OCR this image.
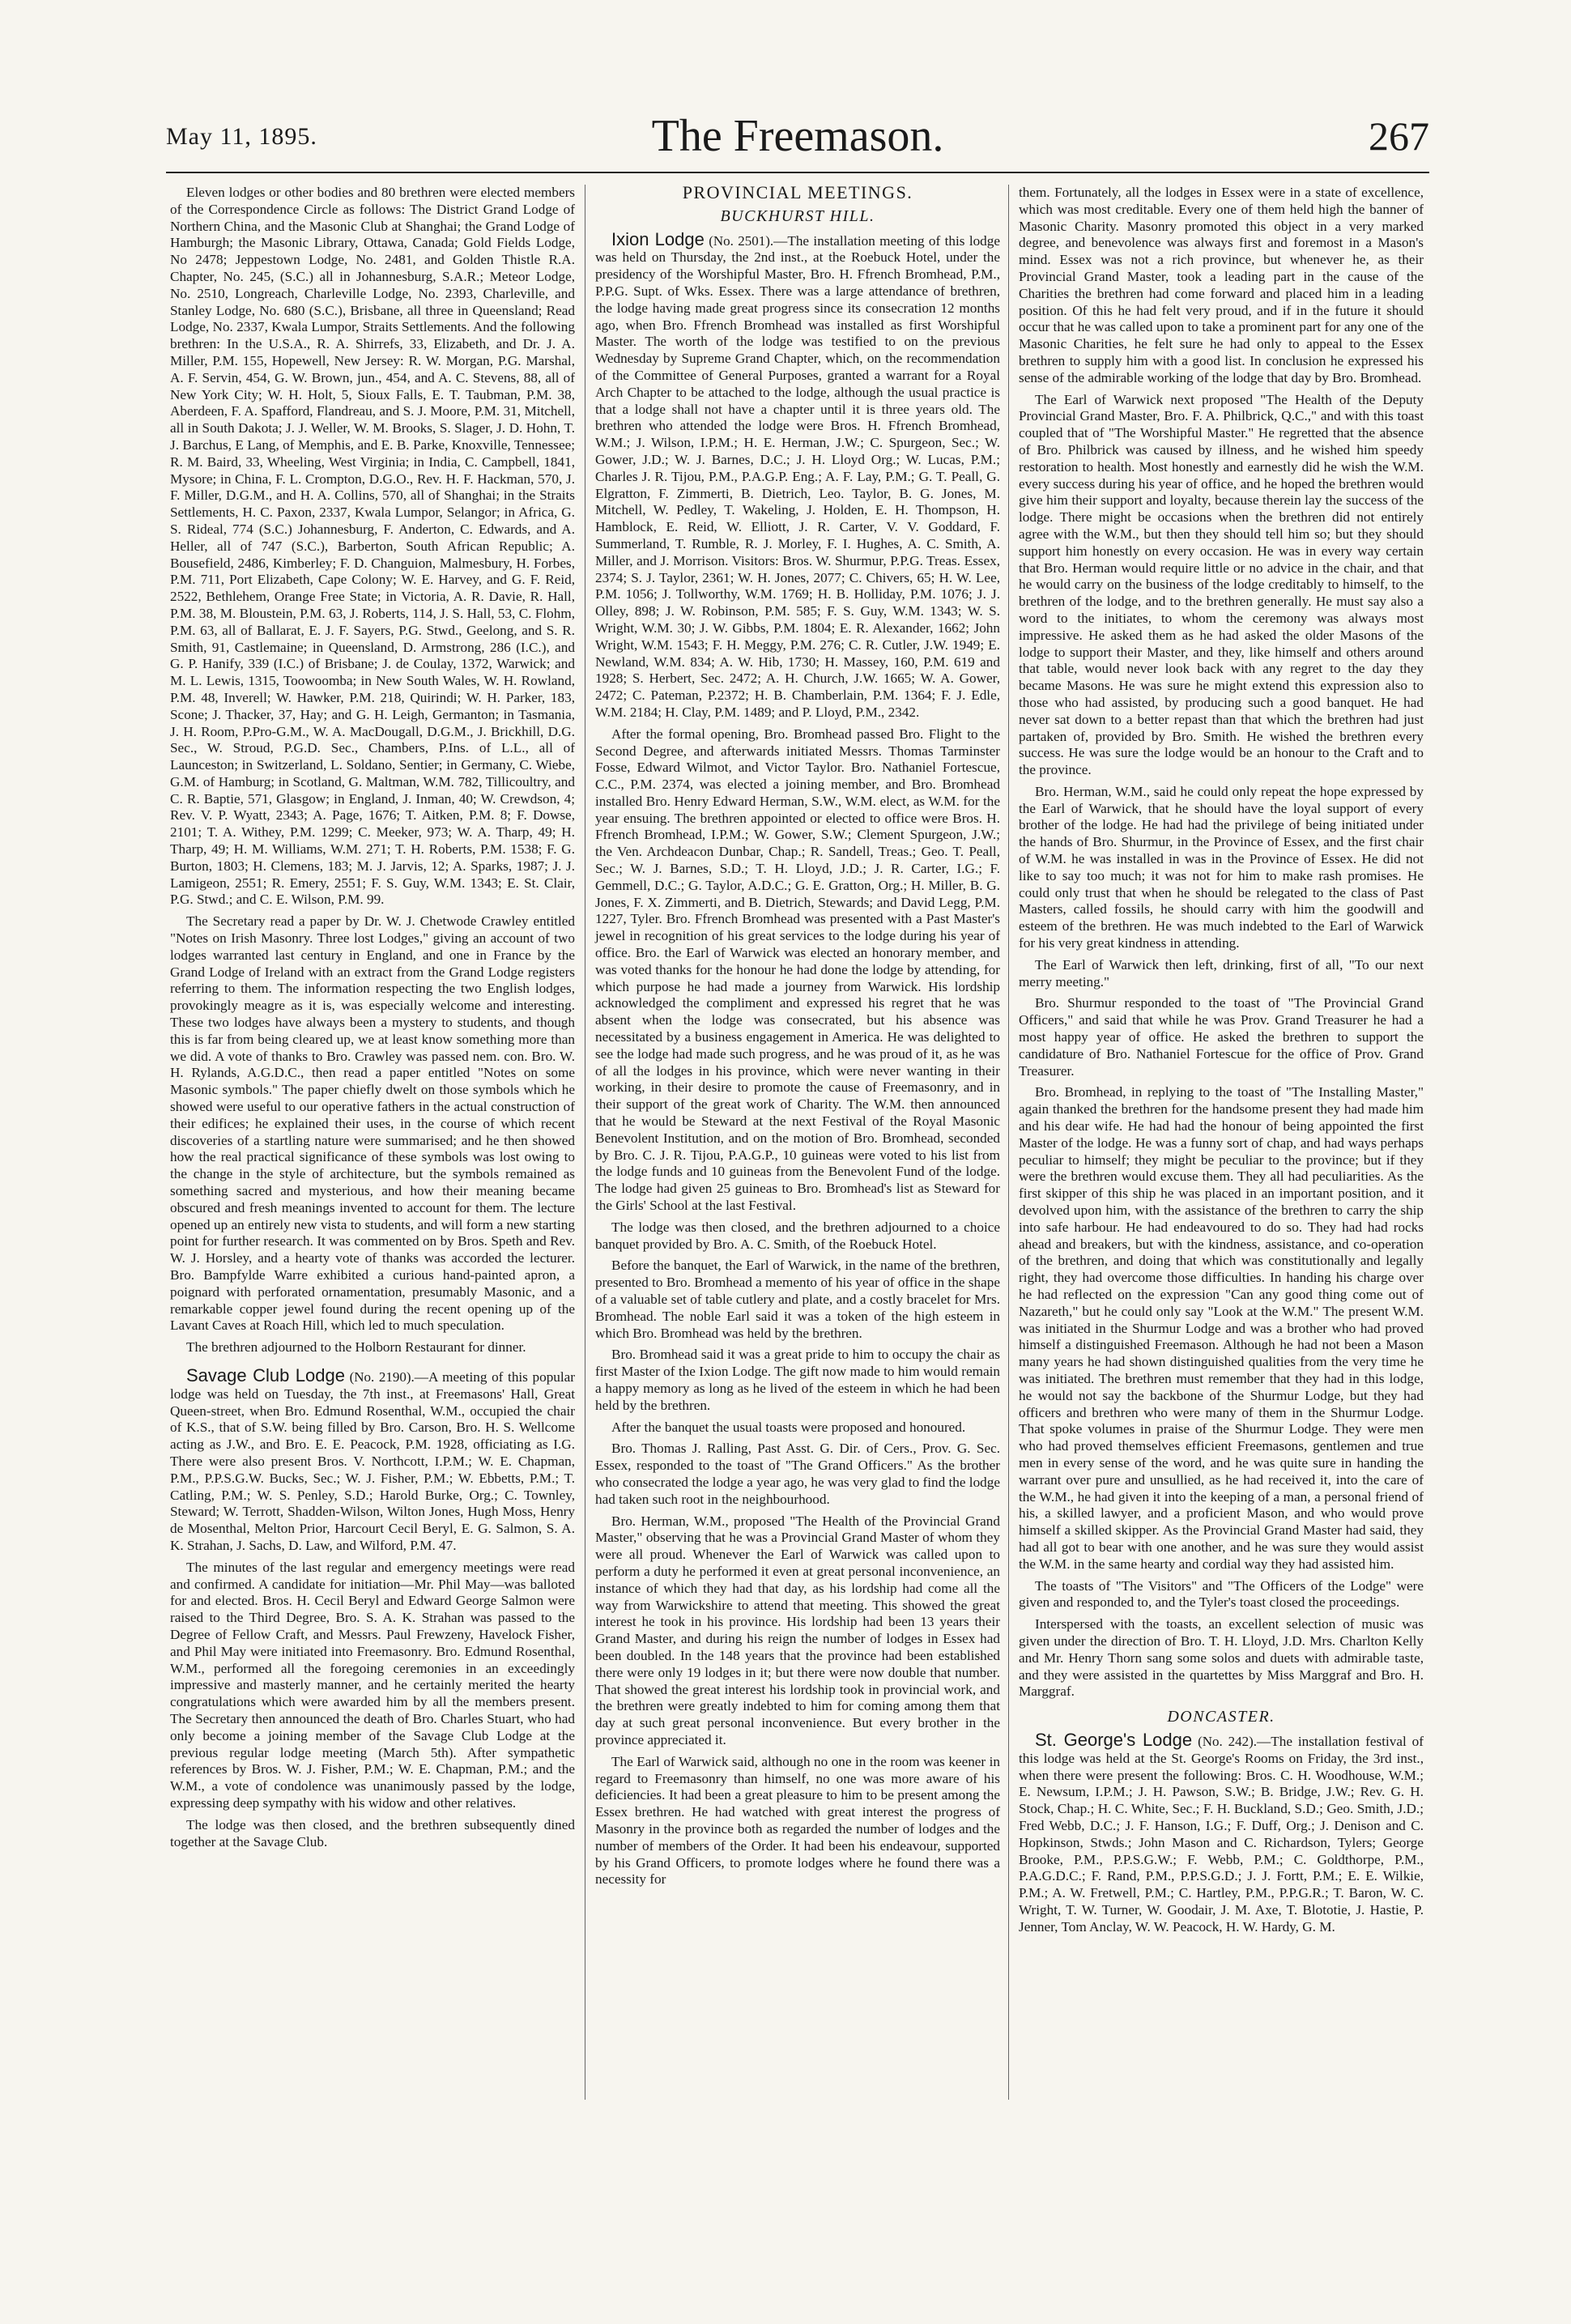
May 11, 1895.	The Freemason.	267

Eleven lodges or other bodies and 80 brethren were elected members of the Correspondence Circle as follows: The District Grand Lodge of Northern China, and the Masonic Club at Shanghai; the Grand Lodge of Hamburgh; the Masonic Library, Ottawa, Canada; Gold Fields Lodge, No 2478; Jeppestown Lodge, No. 2481, and Golden Thistle R.A. Chapter, No. 245, (S.C.) all in Johannesburg, S.A.R.; Meteor Lodge, No. 2510, Longreach, Charleville Lodge, No. 2393, Charleville, and Stanley Lodge, No. 680 (S.C.), Brisbane, all three in Queensland; Read Lodge, No. 2337, Kwala Lumpor, Straits Settlements. And the following brethren: In the U.S.A., R. A. Shirrefs, 33, Elizabeth, and Dr. J. A. Miller, P.M. 155, Hopewell, New Jersey: R. W. Morgan, P.G. Marshal, A. F. Servin, 454, G. W. Brown, jun., 454, and A. C. Stevens, 88, all of New York City; W. H. Holt, 5, Sioux Falls, E. T. Taubman, P.M. 38, Aberdeen, F. A. Spafford, Flandreau, and S. J. Moore, P.M. 31, Mitchell, all in South Dakota; J. J. Weller, W. M. Brooks, S. Slager, J. D. Hohn, T. J. Barchus, E Lang, of Memphis, and E. B. Parke, Knoxville, Tennessee; R. M. Baird, 33, Wheeling, West Virginia; in India, C. Campbell, 1841, Mysore; in China, F. L. Crompton, D.G.O., Rev. H. F. Hackman, 570, J. F. Miller, D.G.M., and H. A. Collins, 570, all of Shanghai; in the Straits Settlements, H. C. Paxon, 2337, Kwala Lumpor, Selangor; in Africa, G. S. Rideal, 774 (S.C.) Johannesburg, F. Anderton, C. Edwards, and A. Heller, all of 747 (S.C.), Barberton, South African Republic; A. Bousefield, 2486, Kimberley; F. D. Changuion, Malmesbury, H. Forbes, P.M. 711, Port Elizabeth, Cape Colony; W. E. Harvey, and G. F. Reid, 2522, Bethlehem, Orange Free State; in Victoria, A. R. Davie, R. Hall, P.M. 38, M. Bloustein, P.M. 63, J. Roberts, 114, J. S. Hall, 53, C. Flohm, P.M. 63, all of Ballarat, E. J. F. Sayers, P.G. Stwd., Geelong, and S. R. Smith, 91, Castlemaine; in Queensland, D. Armstrong, 286 (I.C.), and G. P. Hanify, 339 (I.C.) of Brisbane; J. de Coulay, 1372, Warwick; and M. L. Lewis, 1315, Toowoomba; in New South Wales, W. H. Rowland, P.M. 48, Inverell; W. Hawker, P.M. 218, Quirindi; W. H. Parker, 183, Scone; J. Thacker, 37, Hay; and G. H. Leigh, Germanton; in Tasmania, J. H. Room, P.Pro-G.M., W. A. MacDougall, D.G.M., J. Brickhill, D.G. Sec., W. Stroud, P.G.D. Sec., Chambers, P.Ins. of L.L., all of Launceston; in Switzerland, L. Soldano, Sentier; in Germany, C. Wiebe, G.M. of Hamburg; in Scotland, G. Maltman, W.M. 782, Tillicoultry, and C. R. Baptie, 571, Glasgow; in England, J. Inman, 40; W. Crewdson, 4; Rev. V. P. Wyatt, 2343; A. Page, 1676; T. Aitken, P.M. 8; F. Dowse, 2101; T. A. Withey, P.M. 1299; C. Meeker, 973; W. A. Tharp, 49; H. Tharp, 49; H. M. Williams, W.M. 271; T. H. Roberts, P.M. 1538; F. G. Burton, 1803; H. Clemens, 183; M. J. Jarvis, 12; A. Sparks, 1987; J. J. Lamigeon, 2551; R. Emery, 2551; F. S. Guy, W.M. 1343; E. St. Clair, P.G. Stwd.; and C. E. Wilson, P.M. 99.

The Secretary read a paper by Dr. W. J. Chetwode Crawley entitled "Notes on Irish Masonry. Three lost Lodges," giving an account of two lodges warranted last century in England, and one in France by the Grand Lodge of Ireland with an extract from the Grand Lodge registers referring to them. The information respecting the two English lodges, provokingly meagre as it is, was especially welcome and interesting. These two lodges have always been a mystery to students, and though this is far from being cleared up, we at least know something more than we did. A vote of thanks to Bro. Crawley was passed nem. con. Bro. W. H. Rylands, A.G.D.C., then read a paper entitled "Notes on some Masonic symbols." The paper chiefly dwelt on those symbols which he showed were useful to our operative fathers in the actual construction of their edifices; he explained their uses, in the course of which recent discoveries of a startling nature were summarised; and he then showed how the real practical significance of these symbols was lost owing to the change in the style of architecture, but the symbols remained as something sacred and mysterious, and how their meaning became obscured and fresh meanings invented to account for them. The lecture opened up an entirely new vista to students, and will form a new starting point for further research. It was commented on by Bros. Speth and Rev. W. J. Horsley, and a hearty vote of thanks was accorded the lecturer. Bro. Bampfylde Warre exhibited a curious hand-painted apron, a poignard with perforated ornamentation, presumably Masonic, and a remarkable copper jewel found during the recent opening up of the Lavant Caves at Roach Hill, which led to much speculation.

The brethren adjourned to the Holborn Restaurant for dinner.

Savage Club Lodge (No. 2190).—A meeting of this popular lodge was held on Tuesday, the 7th inst., at Freemasons' Hall, Great Queen-street, when Bro. Edmund Rosenthal, W.M., occupied the chair of K.S., that of S.W. being filled by Bro. Carson, Bro. H. S. Wellcome acting as J.W., and Bro. E. E. Peacock, P.M. 1928, officiating as I.G. There were also present Bros. V. Northcott, I.P.M.; W. E. Chapman, P.M., P.P.S.G.W. Bucks, Sec.; W. J. Fisher, P.M.; W. Ebbetts, P.M.; T. Catling, P.M.; W. S. Penley, S.D.; Harold Burke, Org.; C. Townley, Steward; W. Terrott, Shadden-Wilson, Wilton Jones, Hugh Moss, Henry de Mosenthal, Melton Prior, Harcourt Cecil Beryl, E. G. Salmon, S. A. K. Strahan, J. Sachs, D. Law, and Wilford, P.M. 47.

The minutes of the last regular and emergency meetings were read and confirmed. A candidate for initiation—Mr. Phil May—was balloted for and elected. Bros. H. Cecil Beryl and Edward George Salmon were raised to the Third Degree, Bro. S. A. K. Strahan was passed to the Degree of Fellow Craft, and Messrs. Paul Frewzeny, Havelock Fisher, and Phil May were initiated into Freemasonry. Bro. Edmund Rosenthal, W.M., performed all the foregoing ceremonies in an exceedingly impressive and masterly manner, and he certainly merited the hearty congratulations which were awarded him by all the members present. The Secretary then announced the death of Bro. Charles Stuart, who had only become a joining member of the Savage Club Lodge at the previous regular lodge meeting (March 5th). After sympathetic references by Bros. W. J. Fisher, P.M.; W. E. Chapman, P.M.; and the W.M., a vote of condolence was unanimously passed by the lodge, expressing deep sympathy with his widow and other relatives.

The lodge was then closed, and the brethren subsequently dined together at the Savage Club.

PROVINCIAL MEETINGS.
BUCKHURST HILL.

Ixion Lodge (No. 2501).—The installation meeting of this lodge was held on Thursday, the 2nd inst., at the Roebuck Hotel, under the presidency of the Worshipful Master, Bro. H. Ffrench Bromhead, P.M., P.P.G. Supt. of Wks. Essex. There was a large attendance of brethren, the lodge having made great progress since its consecration 12 months ago, when Bro. Ffrench Bromhead was installed as first Worshipful Master. The worth of the lodge was testified to on the previous Wednesday by Supreme Grand Chapter, which, on the recommendation of the Committee of General Purposes, granted a warrant for a Royal Arch Chapter to be attached to the lodge, although the usual practice is that a lodge shall not have a chapter until it is three years old. The brethren who attended the lodge were Bros. H. Ffrench Bromhead, W.M.; J. Wilson, I.P.M.; H. E. Herman, J.W.; C. Spurgeon, Sec.; W. Gower, J.D.; W. J. Barnes, D.C.; J. H. Lloyd Org.; W. Lucas, P.M.; Charles J. R. Tijou, P.M., P.A.G.P. Eng.; A. F. Lay, P.M.; G. T. Peall, G. Elgratton, F. Zimmerti, B. Dietrich, Leo. Taylor, B. G. Jones, M. Mitchell, W. Pedley, T. Wakeling, J. Holden, E. H. Thompson, H. Hamblock, E. Reid, W. Elliott, J. R. Carter, V. V. Goddard, F. Summerland, T. Rumble, R. J. Morley, F. I. Hughes, A. C. Smith, A. Miller, and J. Morrison. Visitors: Bros. W. Shurmur, P.P.G. Treas. Essex, 2374; S. J. Taylor, 2361; W. H. Jones, 2077; C. Chivers, 65; H. W. Lee, P.M. 1056; J. Tollworthy, W.M. 1769; H. B. Holliday, P.M. 1076; J. J. Olley, 898; J. W. Robinson, P.M. 585; F. S. Guy, W.M. 1343; W. S. Wright, W.M. 30; J. W. Gibbs, P.M. 1804; E. R. Alexander, 1662; John Wright, W.M. 1543; F. H. Meggy, P.M. 276; C. R. Cutler, J.W. 1949; E. Newland, W.M. 834; A. W. Hib, 1730; H. Massey, 160, P.M. 619 and 1928; S. Herbert, Sec. 2472; A. H. Church, J.W. 1665; W. A. Gower, 2472; C. Pateman, P.2372; H. B. Chamberlain, P.M. 1364; F. J. Edle, W.M. 2184; H. Clay, P.M. 1489; and P. Lloyd, P.M., 2342.

After the formal opening, Bro. Bromhead passed Bro. Flight to the Second Degree, and afterwards initiated Messrs. Thomas Tarminster Fosse, Edward Wilmot, and Victor Taylor. Bro. Nathaniel Fortescue, C.C., P.M. 2374, was elected a joining member, and Bro. Bromhead installed Bro. Henry Edward Herman, S.W., W.M. elect, as W.M. for the year ensuing. The brethren appointed or elected to office were Bros. H. Ffrench Bromhead, I.P.M.; W. Gower, S.W.; Clement Spurgeon, J.W.; the Ven. Archdeacon Dunbar, Chap.; R. Sandell, Treas.; Geo. T. Peall, Sec.; W. J. Barnes, S.D.; T. H. Lloyd, J.D.; J. R. Carter, I.G.; F. Gemmell, D.C.; G. Taylor, A.D.C.; G. E. Gratton, Org.; H. Miller, B. G. Jones, F. X. Zimmerti, and B. Dietrich, Stewards; and David Legg, P.M. 1227, Tyler. Bro. Ffrench Bromhead was presented with a Past Master's jewel in recognition of his great services to the lodge during his year of office. Bro. the Earl of Warwick was elected an honorary member, and was voted thanks for the honour he had done the lodge by attending, for which purpose he had made a journey from Warwick. His lordship acknowledged the compliment and expressed his regret that he was absent when the lodge was consecrated, but his absence was necessitated by a business engagement in America. He was delighted to see the lodge had made such progress, and he was proud of it, as he was of all the lodges in his province, which were never wanting in their working, in their desire to promote the cause of Freemasonry, and in their support of the great work of Charity. The W.M. then announced that he would be Steward at the next Festival of the Royal Masonic Benevolent Institution, and on the motion of Bro. Bromhead, seconded by Bro. C. J. R. Tijou, P.A.G.P., 10 guineas were voted to his list from the lodge funds and 10 guineas from the Benevolent Fund of the lodge. The lodge had given 25 guineas to Bro. Bromhead's list as Steward for the Girls' School at the last Festival.

The lodge was then closed, and the brethren adjourned to a choice banquet provided by Bro. A. C. Smith, of the Roebuck Hotel.

Before the banquet, the Earl of Warwick, in the name of the brethren, presented to Bro. Bromhead a memento of his year of office in the shape of a valuable set of table cutlery and plate, and a costly bracelet for Mrs. Bromhead. The noble Earl said it was a token of the high esteem in which Bro. Bromhead was held by the brethren.

Bro. Bromhead said it was a great pride to him to occupy the chair as first Master of the Ixion Lodge. The gift now made to him would remain a happy memory as long as he lived of the esteem in which he had been held by the brethren.

After the banquet the usual toasts were proposed and honoured.

Bro. Thomas J. Ralling, Past Asst. G. Dir. of Cers., Prov. G. Sec. Essex, responded to the toast of "The Grand Officers." As the brother who consecrated the lodge a year ago, he was very glad to find the lodge had taken such root in the neighbourhood.

Bro. Herman, W.M., proposed "The Health of the Provincial Grand Master," observing that he was a Provincial Grand Master of whom they were all proud. Whenever the Earl of Warwick was called upon to perform a duty he performed it even at great personal inconvenience, an instance of which they had that day, as his lordship had come all the way from Warwickshire to attend that meeting. This showed the great interest he took in his province. His lordship had been 13 years their Grand Master, and during his reign the number of lodges in Essex had been doubled. In the 148 years that the province had been established there were only 19 lodges in it; but there were now double that number. That showed the great interest his lordship took in provincial work, and the brethren were greatly indebted to him for coming among them that day at such great personal inconvenience. But every brother in the province appreciated it.

The Earl of Warwick said, although no one in the room was keener in regard to Freemasonry than himself, no one was more aware of his deficiencies. It had been a great pleasure to him to be present among the Essex brethren. He had watched with great interest the progress of Masonry in the province both as regarded the number of lodges and the number of members of the Order. It had been his endeavour, supported by his Grand Officers, to promote lodges where he found there was a necessity for

them. Fortunately, all the lodges in Essex were in a state of excellence, which was most creditable. Every one of them held high the banner of Masonic Charity. Masonry promoted this object in a very marked degree, and benevolence was always first and foremost in a Mason's mind. Essex was not a rich province, but whenever he, as their Provincial Grand Master, took a leading part in the cause of the Charities the brethren had come forward and placed him in a leading position. Of this he had felt very proud, and if in the future it should occur that he was called upon to take a prominent part for any one of the Masonic Charities, he felt sure he had only to appeal to the Essex brethren to supply him with a good list. In conclusion he expressed his sense of the admirable working of the lodge that day by Bro. Bromhead.

The Earl of Warwick next proposed "The Health of the Deputy Provincial Grand Master, Bro. F. A. Philbrick, Q.C.," and with this toast coupled that of "The Worshipful Master." He regretted that the absence of Bro. Philbrick was caused by illness, and he wished him speedy restoration to health. Most honestly and earnestly did he wish the W.M. every success during his year of office, and he hoped the brethren would give him their support and loyalty, because therein lay the success of the lodge. There might be occasions when the brethren did not entirely agree with the W.M., but then they should tell him so; but they should support him honestly on every occasion. He was in every way certain that Bro. Herman would require little or no advice in the chair, and that he would carry on the business of the lodge creditably to himself, to the brethren of the lodge, and to the brethren generally. He must say also a word to the initiates, to whom the ceremony was always most impressive. He asked them as he had asked the older Masons of the lodge to support their Master, and they, like himself and others around that table, would never look back with any regret to the day they became Masons. He was sure he might extend this expression also to those who had assisted, by producing such a good banquet. He had never sat down to a better repast than that which the brethren had just partaken of, provided by Bro. Smith. He wished the brethren every success. He was sure the lodge would be an honour to the Craft and to the province.

Bro. Herman, W.M., said he could only repeat the hope expressed by the Earl of Warwick, that he should have the loyal support of every brother of the lodge. He had had the privilege of being initiated under the hands of Bro. Shurmur, in the Province of Essex, and the first chair of W.M. he was installed in was in the Province of Essex. He did not like to say too much; it was not for him to make rash promises. He could only trust that when he should be relegated to the class of Past Masters, called fossils, he should carry with him the goodwill and esteem of the brethren. He was much indebted to the Earl of Warwick for his very great kindness in attending.

The Earl of Warwick then left, drinking, first of all, "To our next merry meeting."

Bro. Shurmur responded to the toast of "The Provincial Grand Officers," and said that while he was Prov. Grand Treasurer he had a most happy year of office. He asked the brethren to support the candidature of Bro. Nathaniel Fortescue for the office of Prov. Grand Treasurer.

Bro. Bromhead, in replying to the toast of "The Installing Master," again thanked the brethren for the handsome present they had made him and his dear wife. He had had the honour of being appointed the first Master of the lodge. He was a funny sort of chap, and had ways perhaps peculiar to himself; they might be peculiar to the province; but if they were the brethren would excuse them. They all had peculiarities. As the first skipper of this ship he was placed in an important position, and it devolved upon him, with the assistance of the brethren to carry the ship into safe harbour. He had endeavoured to do so. They had had rocks ahead and breakers, but with the kindness, assistance, and co-operation of the brethren, and doing that which was constitutionally and legally right, they had overcome those difficulties. In handing his charge over he had reflected on the expression "Can any good thing come out of Nazareth," but he could only say "Look at the W.M." The present W.M. was initiated in the Shurmur Lodge and was a brother who had proved himself a distinguished Freemason. Although he had not been a Mason many years he had shown distinguished qualities from the very time he was initiated. The brethren must remember that they had in this lodge, he would not say the backbone of the Shurmur Lodge, but they had officers and brethren who were many of them in the Shurmur Lodge. That spoke volumes in praise of the Shurmur Lodge. They were men who had proved themselves efficient Freemasons, gentlemen and true men in every sense of the word, and he was quite sure in handing the warrant over pure and unsullied, as he had received it, into the care of the W.M., he had given it into the keeping of a man, a personal friend of his, a skilled lawyer, and a proficient Mason, and who would prove himself a skilled skipper. As the Provincial Grand Master had said, they had all got to bear with one another, and he was sure they would assist the W.M. in the same hearty and cordial way they had assisted him.

The toasts of "The Visitors" and "The Officers of the Lodge" were given and responded to, and the Tyler's toast closed the proceedings.

Interspersed with the toasts, an excellent selection of music was given under the direction of Bro. T. H. Lloyd, J.D. Mrs. Charlton Kelly and Mr. Henry Thorn sang some solos and duets with admirable taste, and they were assisted in the quartettes by Miss Marggraf and Bro. H. Marggraf.

DONCASTER.

St. George's Lodge (No. 242).—The installation festival of this lodge was held at the St. George's Rooms on Friday, the 3rd inst., when there were present the following: Bros. C. H. Woodhouse, W.M.; E. Newsum, I.P.M.; J. H. Pawson, S.W.; B. Bridge, J.W.; Rev. G. H. Stock, Chap.; H. C. White, Sec.; F. H. Buckland, S.D.; Geo. Smith, J.D.; Fred Webb, D.C.; J. F. Hanson, I.G.; F. Duff, Org.; J. Denison and C. Hopkinson, Stwds.; John Mason and C. Richardson, Tylers; George Brooke, P.M., P.P.S.G.W.; F. Webb, P.M.; C. Goldthorpe, P.M., P.A.G.D.C.; F. Rand, P.M., P.P.S.G.D.; J. J. Fortt, P.M.; E. E. Wilkie, P.M.; A. W. Fretwell, P.M.; C. Hartley, P.M., P.P.G.R.; T. Baron, W. C. Wright, T. W. Turner, W. Goodair, J. M. Axe, T. Blototie, J. Hastie, P. Jenner, Tom Anclay, W. W. Peacock, H. W. Hardy, G. M.
